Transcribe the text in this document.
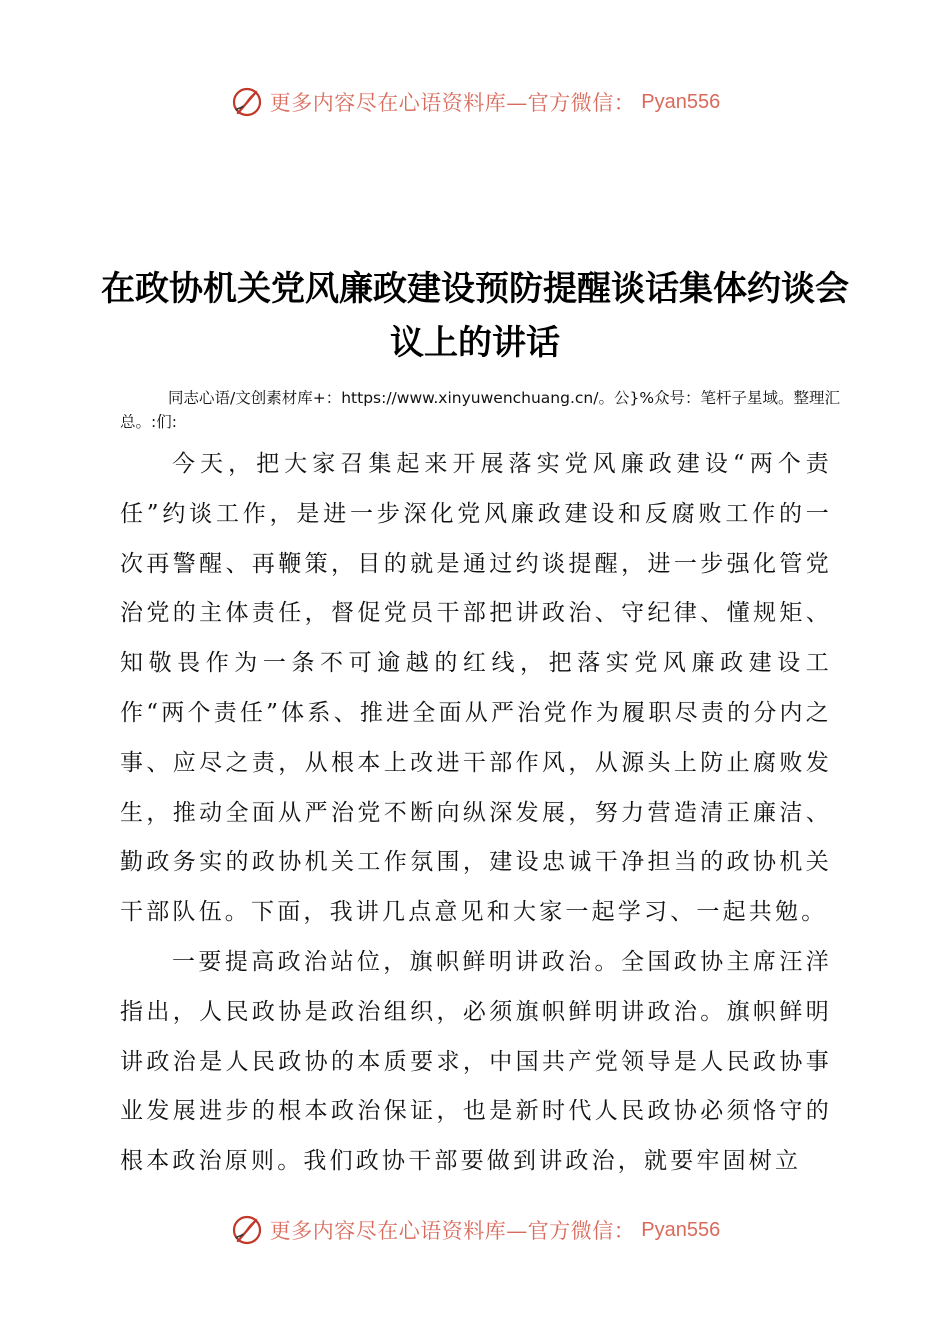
更多内容尽在心语资料库—官方微信： Pyan556
在政协机关党风廉政建设预防提醒谈话集体约谈会议上的讲话

同志心语/文创素材库+：https://www.xinyuwenchuang.cn/。公}%众号：笔杆子星域。整理汇总。:们:

今天，把大家召集起来开展落实党风廉政建设“两个责任”约谈工作，是进一步深化党风廉政建设和反腐败工作的一次再警醒、再鞭策，目的就是通过约谈提醒，进一步强化管党治党的主体责任，督促党员干部把讲政治、守纪律、懂规矩、知敬畏作为一条不可逾越的红线，把落实党风廉政建设工作“两个责任”体系、推进全面从严治党作为履职尽责的分内之事、应尽之责，从根本上改进干部作风，从源头上防止腐败发生，推动全面从严治党不断向纵深发展，努力营造清正廉洁、勤政务实的政协机关工作氛围，建设忠诚干净担当的政协机关干部队伍。下面，我讲几点意见和大家一起学习、一起共勉。

一要提高政治站位，旗帜鲜明讲政治。全国政协主席汪洋指出，人民政协是政治组织，必须旗帜鲜明讲政治。旗帜鲜明讲政治是人民政协的本质要求，中国共产党领导是人民政协事业发展进步的根本政治保证，也是新时代人民政协必须恪守的根本政治原则。我们政协干部要做到讲政治，就要牢固树立

更多内容尽在心语资料库—官方微信： Pyan556
